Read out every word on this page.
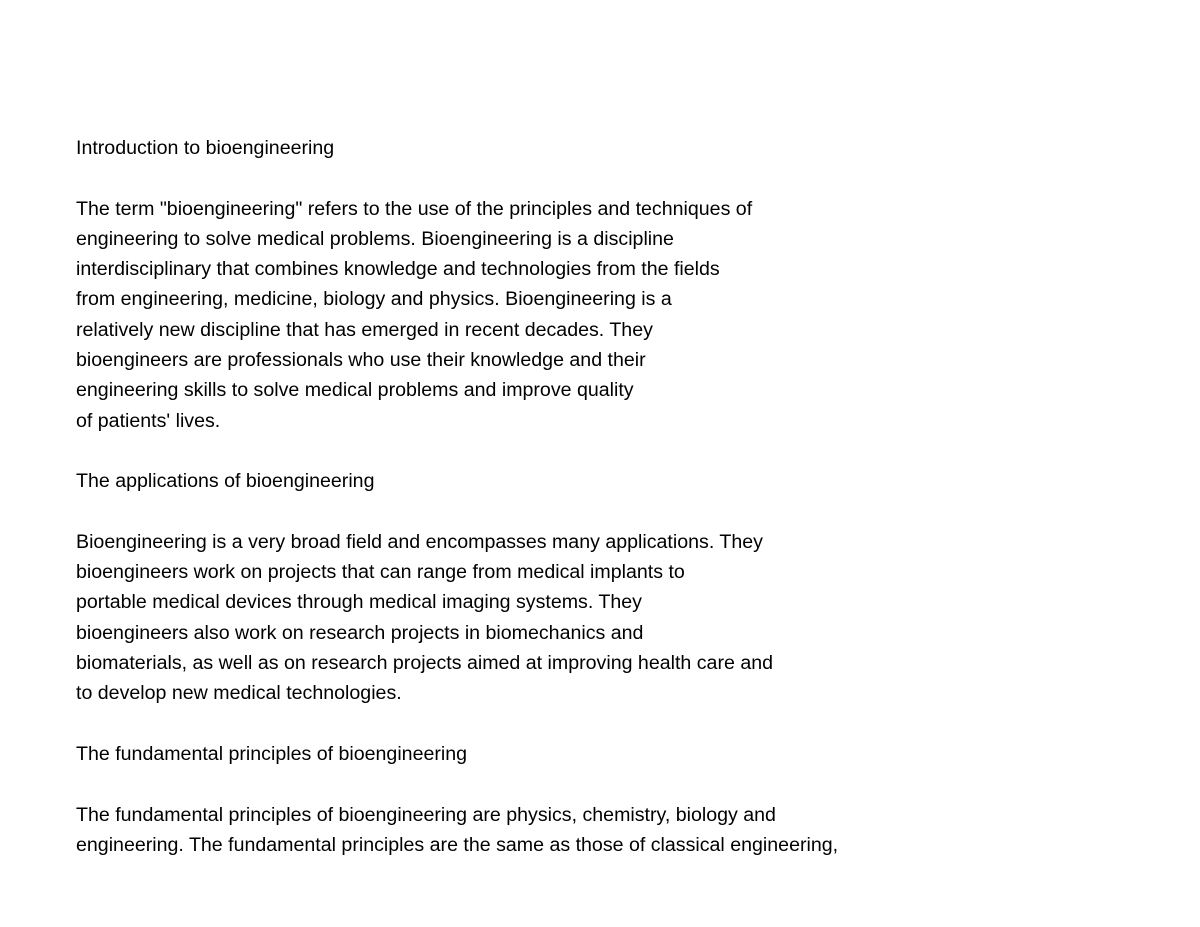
Introduction to bioengineering
The term "bioengineering" refers to the use of the principles and techniques of
engineering to solve medical problems. Bioengineering is a discipline
interdisciplinary that combines knowledge and technologies from the fields
from engineering, medicine, biology and physics. Bioengineering is a
relatively new discipline that has emerged in recent decades. They
bioengineers are professionals who use their knowledge and their
engineering skills to solve medical problems and improve quality
of patients' lives.
The applications of bioengineering
Bioengineering is a very broad field and encompasses many applications. They
bioengineers work on projects that can range from medical implants to
portable medical devices through medical imaging systems. They
bioengineers also work on research projects in biomechanics and
biomaterials, as well as on research projects aimed at improving health care and
to develop new medical technologies.
The fundamental principles of bioengineering
The fundamental principles of bioengineering are physics, chemistry, biology and
engineering. The fundamental principles are the same as those of classical engineering,
